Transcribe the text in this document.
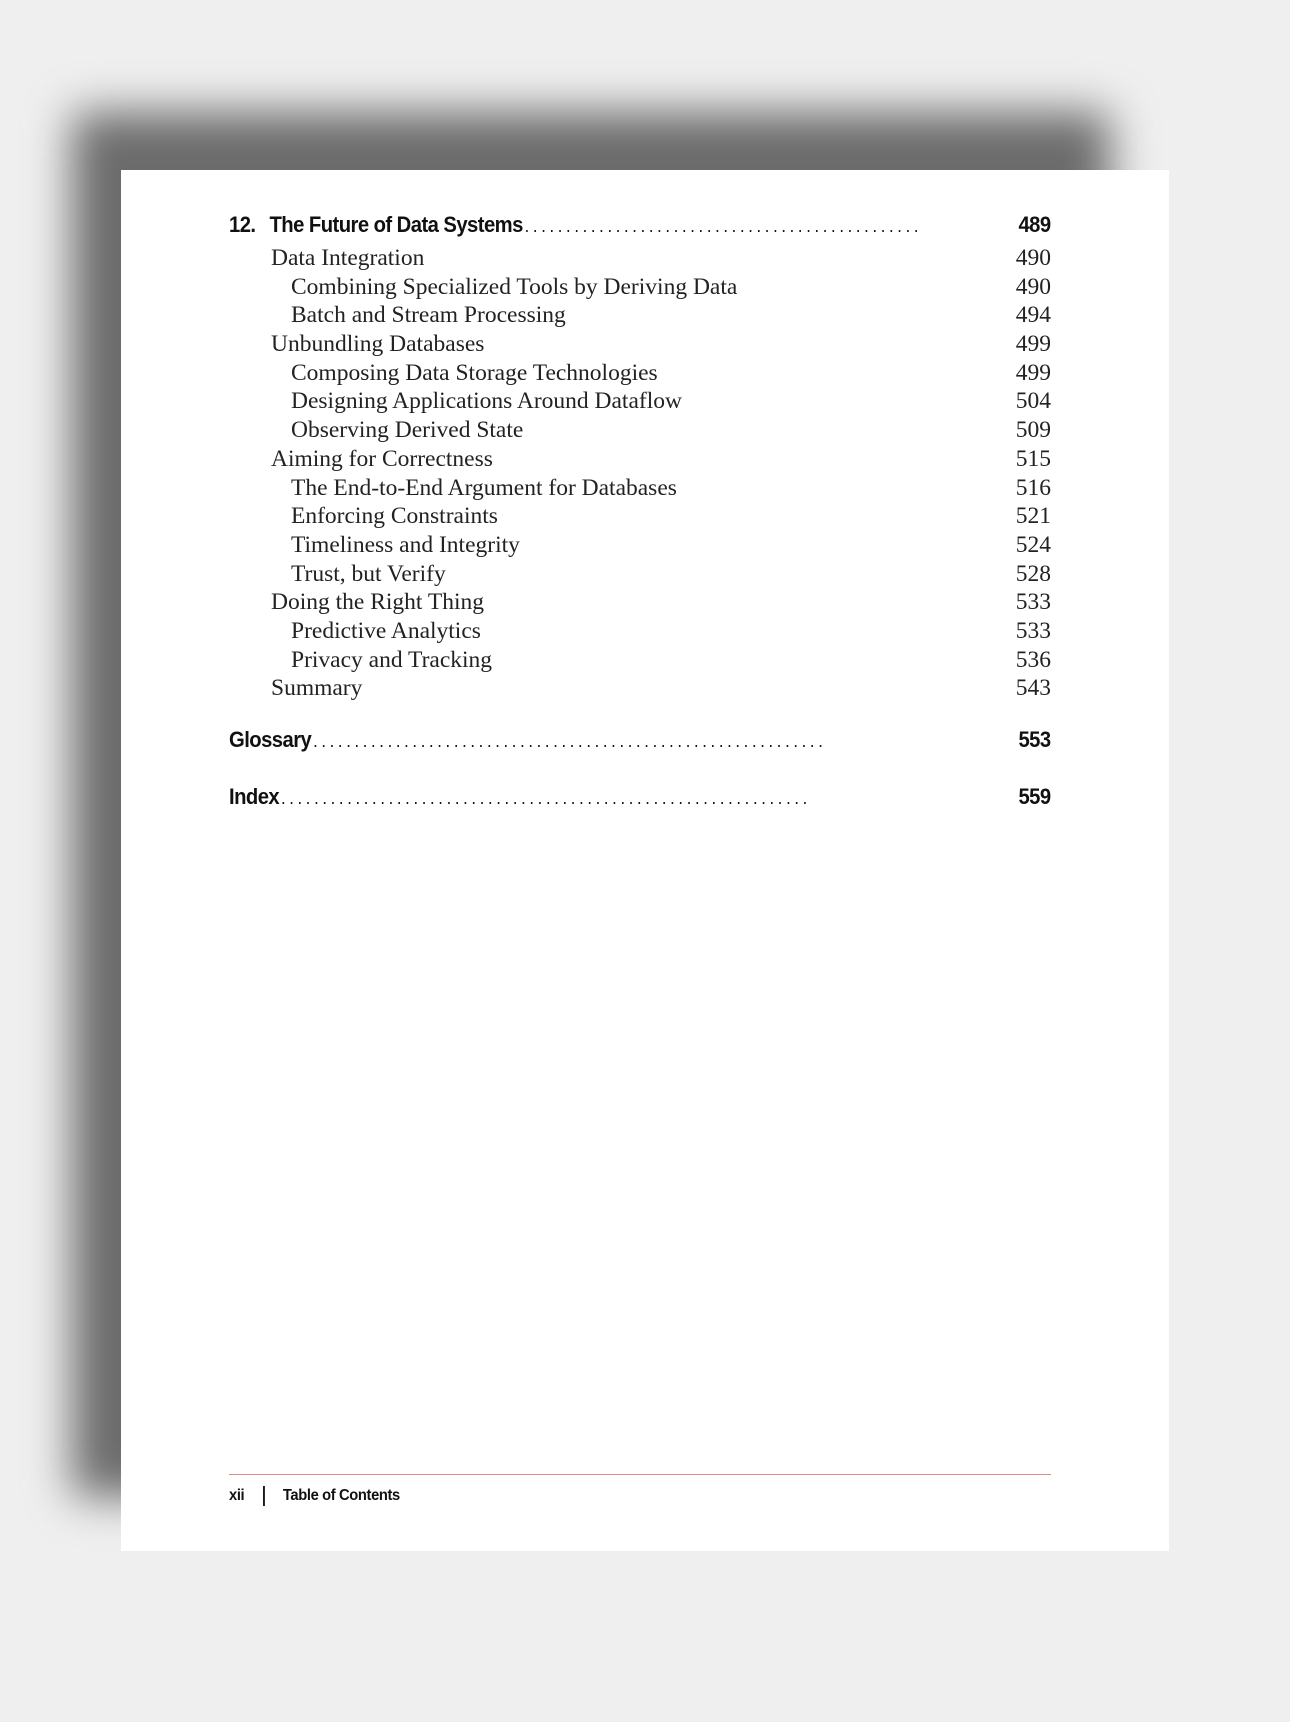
12. The Future of Data Systems ................................................	489
Data Integration	490
Combining Specialized Tools by Deriving Data	490
Batch and Stream Processing	494
Unbundling Databases	499
Composing Data Storage Technologies	499
Designing Applications Around Dataflow	504
Observing Derived State	509
Aiming for Correctness	515
The End-to-End Argument for Databases	516
Enforcing Constraints	521
Timeliness and Integrity	524
Trust, but Verify	528
Doing the Right Thing	533
Predictive Analytics	533
Privacy and Tracking	536
Summary	543
Glossary ..............................................................	553
Index ................................................................	559
xii Table of Contents
